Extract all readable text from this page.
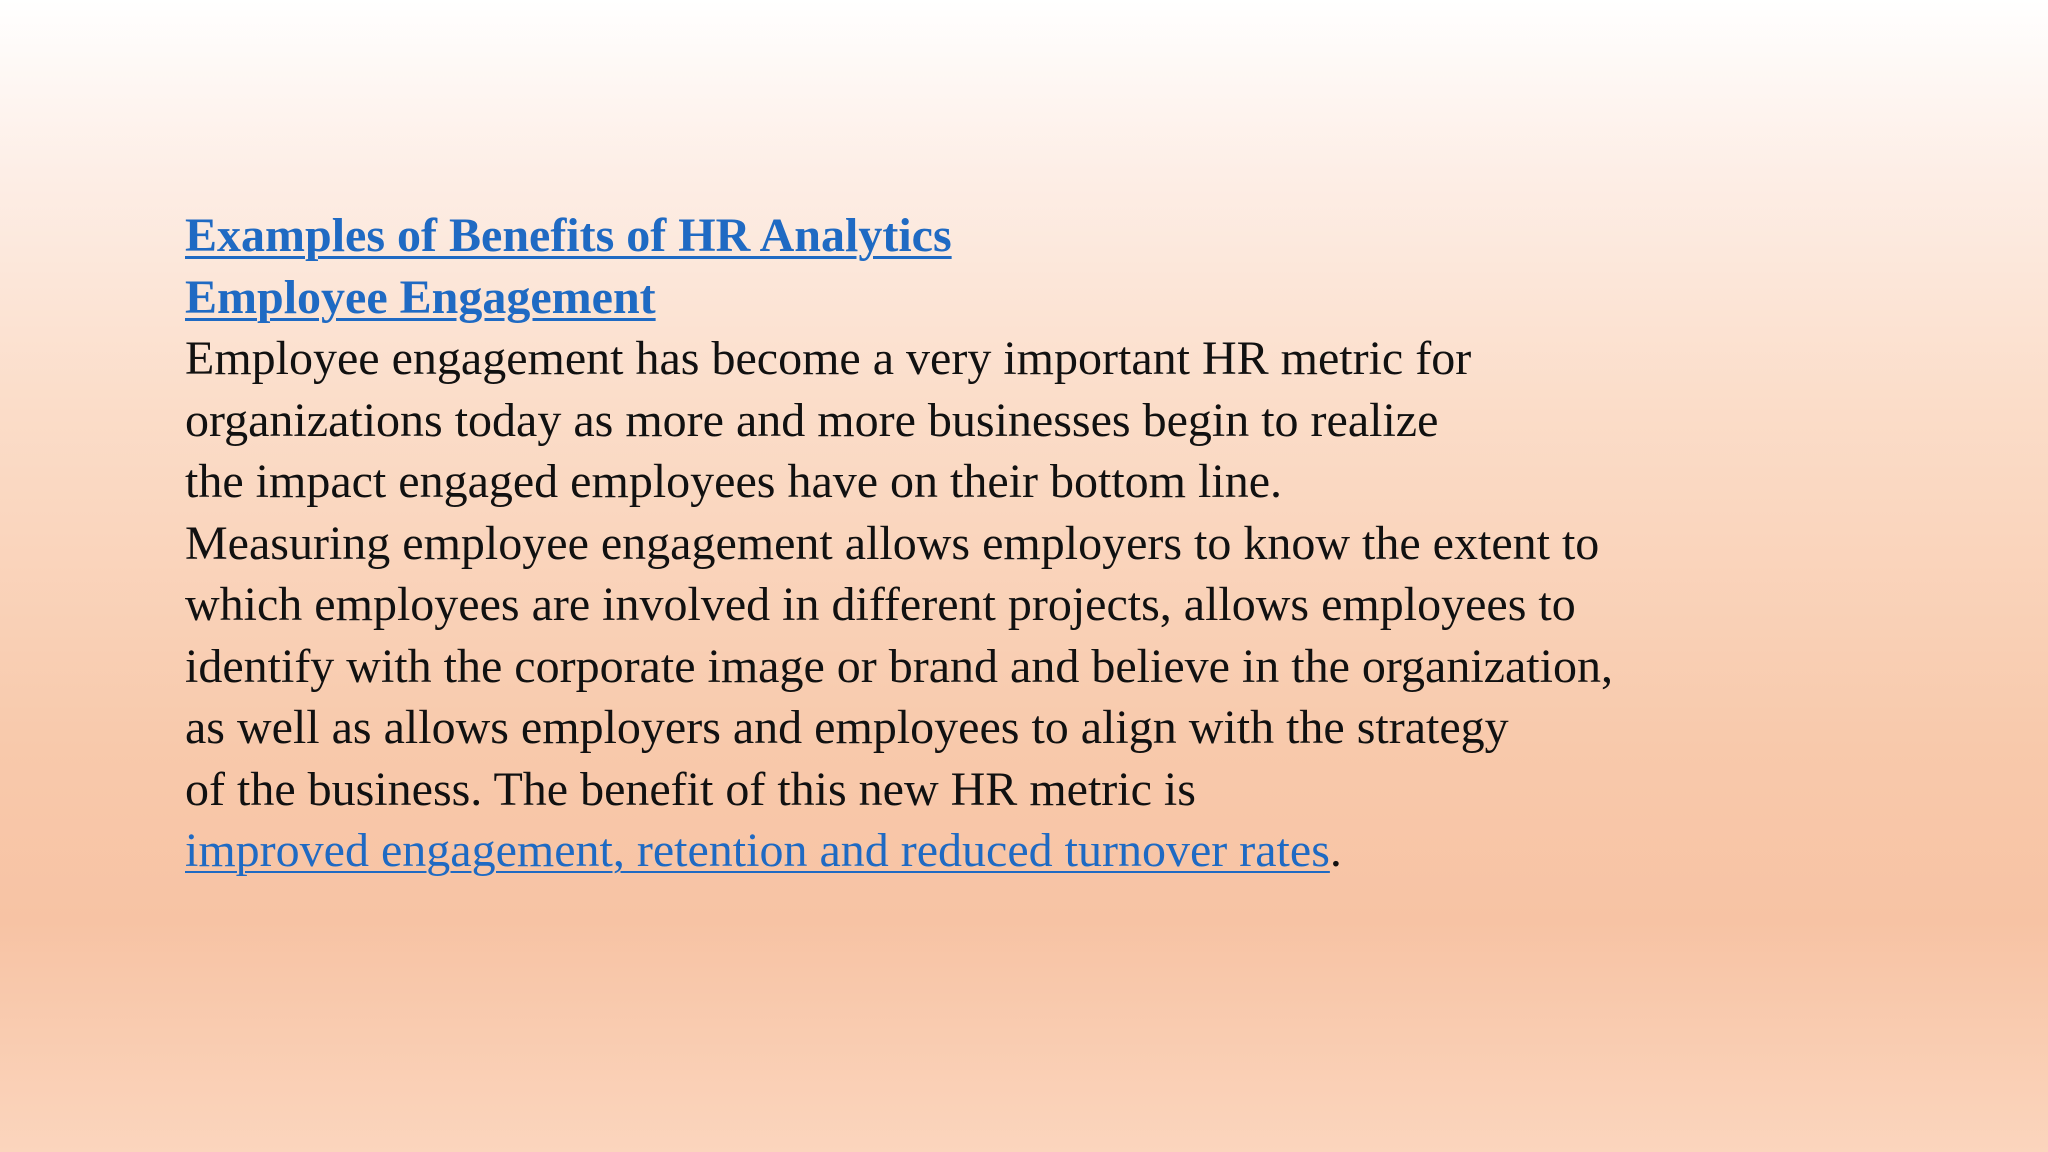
Examples of Benefits of HR Analytics
Employee Engagement
Employee engagement has become a very important HR metric for
organizations today as more and more businesses begin to realize
the impact engaged employees have on their bottom line.
Measuring employee engagement allows employers to know the extent to
which employees are involved in different projects, allows employees to
identify with the corporate image or brand and believe in the organization,
as well as allows employers and employees to align with the strategy
of the business. The benefit of this new HR metric is
improved engagement, retention and reduced turnover rates.
